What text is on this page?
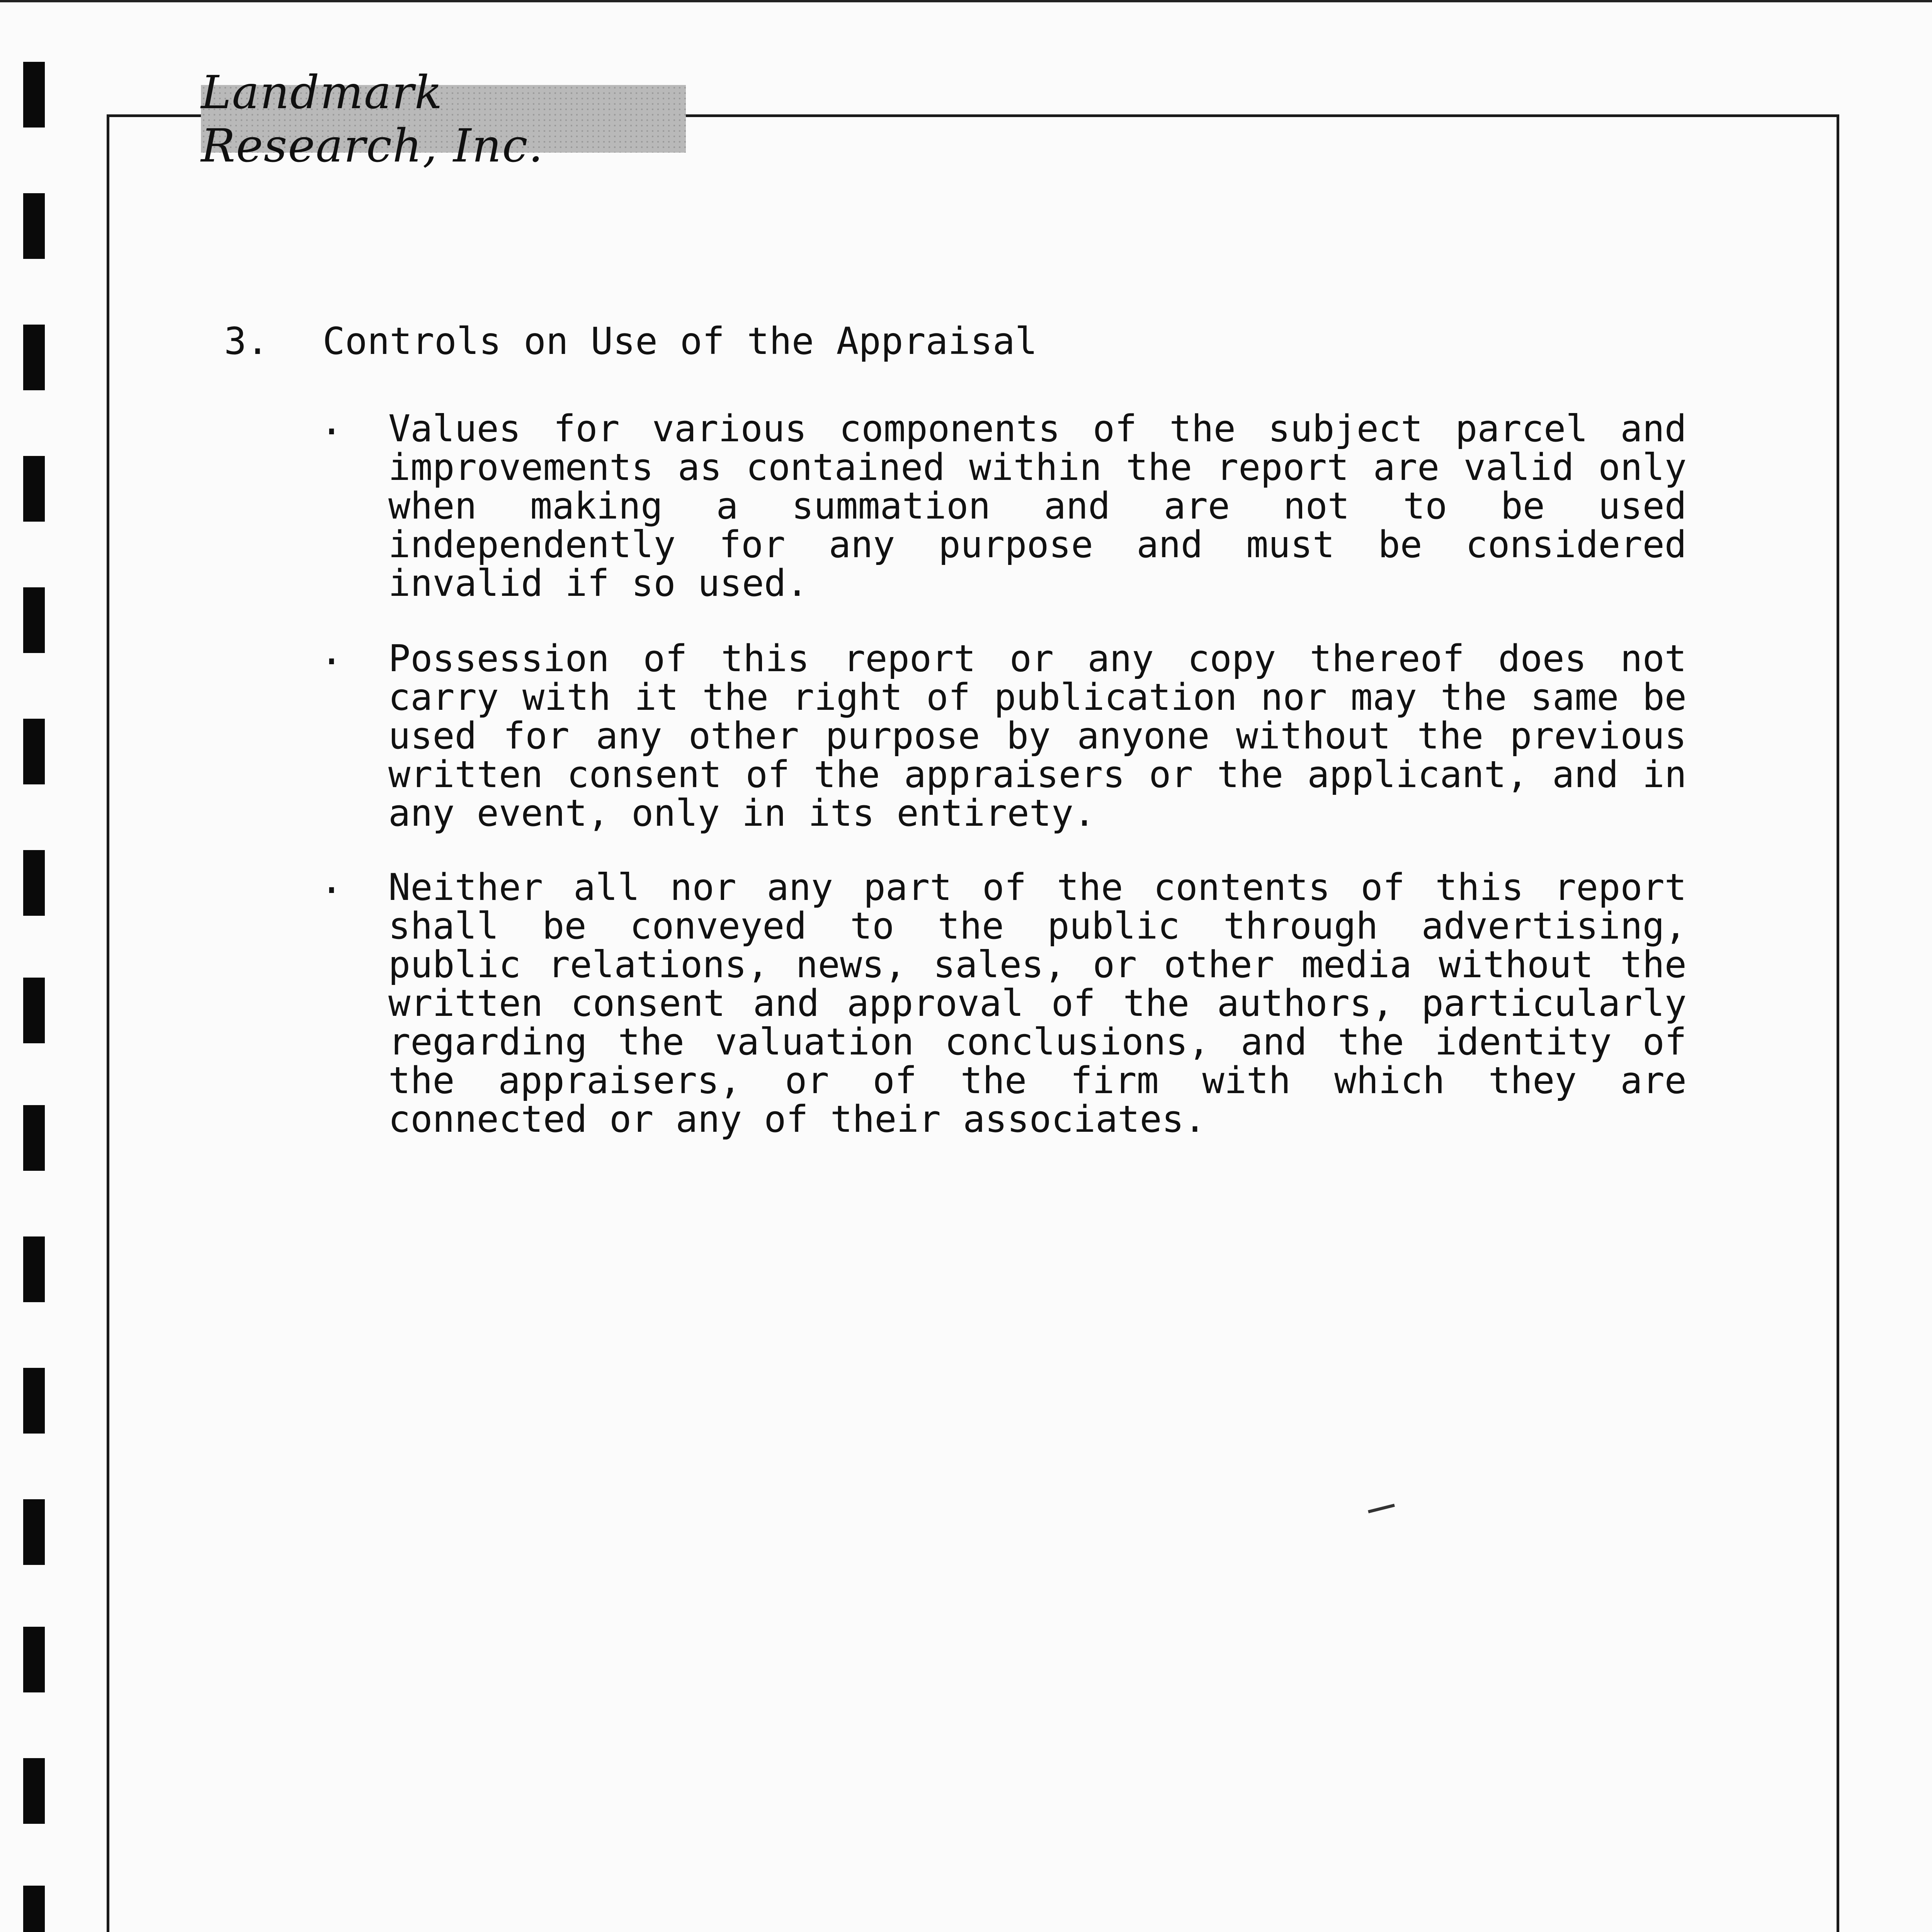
Landmark Research, Inc.
3. Controls on Use of the Appraisal
. Values for various components of the subject parcel and improvements as contained within the report are valid only when making a summation and are not to be used independently for any purpose and must be considered invalid if so used.
. Possession of this report or any copy thereof does not carry with it the right of publication nor may the same be used for any other purpose by anyone without the previous written consent of the appraisers or the applicant, and in any event, only in its entirety.
. Neither all nor any part of the contents of this report shall be conveyed to the public through advertising, public relations, news, sales, or other media without the written consent and approval of the authors, particularly regarding the valuation conclusions, and the identity of the appraisers, or of the firm with which they are connected or any of their associates.
